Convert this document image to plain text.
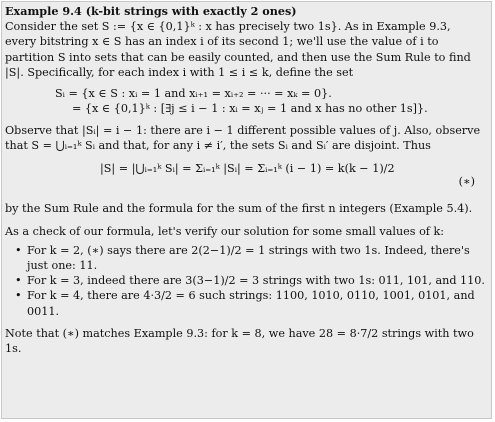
Example 9.4 (k-bit strings with exactly 2 ones)

Consider the set S := {x ∈ {0,1}ᵏ : x has precisely two 1s}. As in Example 9.3, every bitstring x ∈ S has an index i of its second 1; we'll use the value of i to partition S into sets that can be easily counted, and then use the Sum Rule to find |S|. Specifically, for each index i with 1 ≤ i ≤ k, define the set

Sᵢ = {x ∈ S : xᵢ = 1 and xᵢ₊₁ = xᵢ₊₂ = ··· = xₖ = 0}.
= {x ∈ {0,1}ᵏ : [∃j ≤ i − 1 : xᵢ = xⱼ = 1 and x has no other 1s]}.

Observe that |Sᵢ| = i − 1: there are i − 1 different possible values of j. Also, observe that S = ⋃ᵢ₌₁ᵏ Sᵢ and that, for any i ≠ i′, the sets Sᵢ and Sᵢ′ are disjoint. Thus

|S| = |⋃ᵢ₌₁ᵏ Sᵢ| = Σᵢ₌₁ᵏ |Sᵢ| = Σᵢ₌₁ᵏ (i − 1) = k(k − 1)/2
(∗)

by the Sum Rule and the formula for the sum of the first n integers (Example 5.4).

As a check of our formula, let's verify our solution for some small values of k:

• For k = 2, (∗) says there are 2(2−1)/2 = 1 strings with two 1s. Indeed, there's just one: 11.
• For k = 3, indeed there are 3(3−1)/2 = 3 strings with two 1s: 011, 101, and 110.
• For k = 4, there are 4·3/2 = 6 such strings: 1100, 1010, 0110, 1001, 0101, and 0011.

Note that (∗) matches Example 9.3: for k = 8, we have 28 = 8·7/2 strings with two 1s.
